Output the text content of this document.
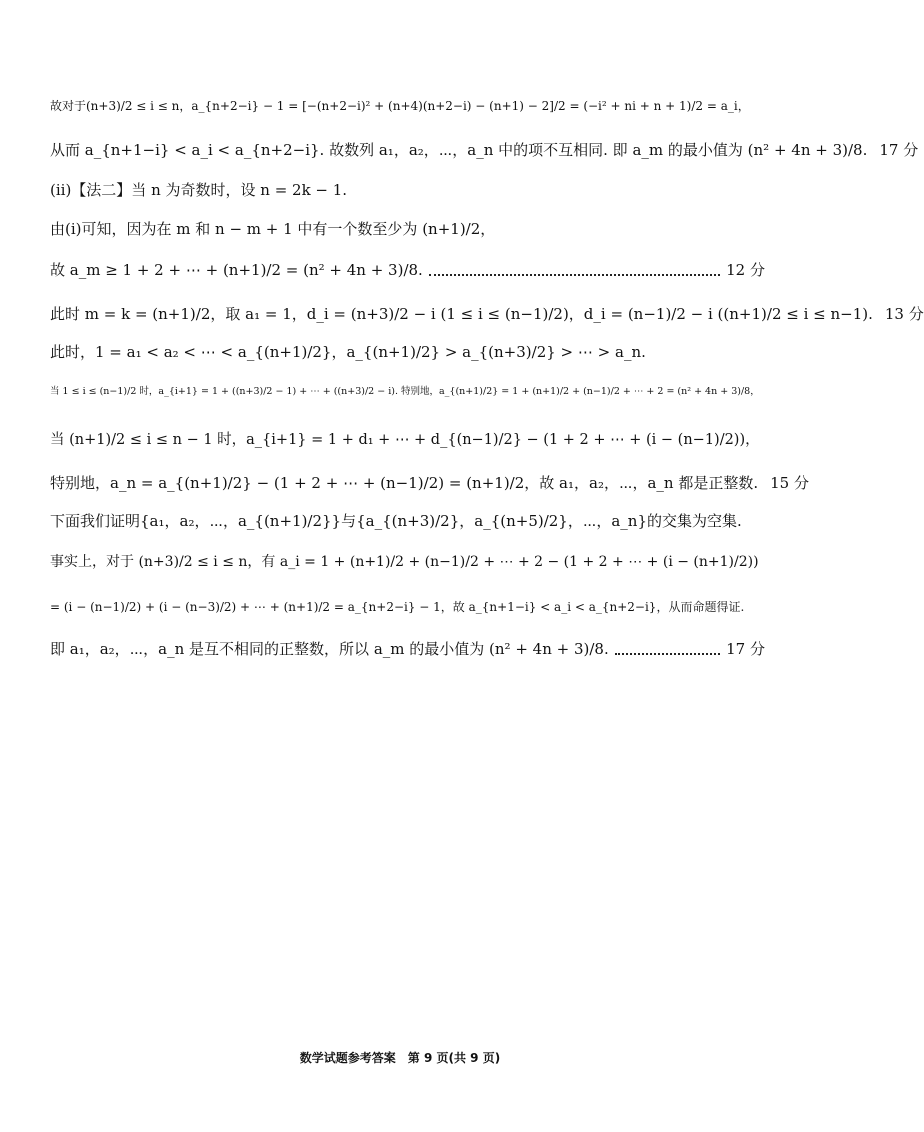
故对于(n+3)/2 ≤ i ≤ n，a_{n+2−i} − 1 = [−(n+2−i)² + (n+4)(n+2−i) − (n+1) − 2]/2 = (−i² + ni + n + 1)/2 = a_i，
从而 a_{n+1−i} < a_i < a_{n+2−i}. 故数列 a₁，a₂，⋯，a_n 中的项不互相同. 即 a_m 的最小值为 (n² + 4n + 3)/8. 17 分
(ⅱ)【法二】当 n 为奇数时，设 n = 2k − 1.
由(ⅰ)可知，因为在 m 和 n − m + 1 中有一个数至少为 (n+1)/2，
故 a_m ≥ 1 + 2 + ⋯ + (n+1)/2 = (n² + 4n + 3)/8.	12 分
此时 m = k = (n+1)/2，取 a₁ = 1，d_i = (n+3)/2 − i (1 ≤ i ≤ (n−1)/2)，d_i = (n−1)/2 − i ((n+1)/2 ≤ i ≤ n−1). 13 分
此时，1 = a₁ < a₂ < ⋯ < a_{(n+1)/2}，a_{(n+1)/2} > a_{(n+3)/2} > ⋯ > a_n.
当 1 ≤ i ≤ (n−1)/2 时，a_{i+1} = 1 + ((n+3)/2 − 1) + ⋯ + ((n+3)/2 − i). 特别地，a_{(n+1)/2} = 1 + (n+1)/2 + (n−1)/2 + ⋯ + 2 = (n² + 4n + 3)/8，
当 (n+1)/2 ≤ i ≤ n − 1 时，a_{i+1} = 1 + d₁ + ⋯ + d_{(n−1)/2} − (1 + 2 + ⋯ + (i − (n−1)/2))，
特别地，a_n = a_{(n+1)/2} − (1 + 2 + ⋯ + (n−1)/2) = (n+1)/2，故 a₁，a₂，⋯，a_n 都是正整数. 15 分
下面我们证明{a₁，a₂，⋯，a_{(n+1)/2}}与{a_{(n+3)/2}，a_{(n+5)/2}，⋯，a_n}的交集为空集.
事实上，对于 (n+3)/2 ≤ i ≤ n，有 a_i = 1 + (n+1)/2 + (n−1)/2 + ⋯ + 2 − (1 + 2 + ⋯ + (i − (n+1)/2))
= (i − (n−1)/2) + (i − (n−3)/2) + ⋯ + (n+1)/2 = a_{n+2−i} − 1，故 a_{n+1−i} < a_i < a_{n+2−i}，从而命题得证.
即 a₁，a₂，⋯，a_n 是互不相同的正整数，所以 a_m 的最小值为 (n² + 4n + 3)/8.	17 分
数学试题参考答案　第 9 页(共 9 页)
